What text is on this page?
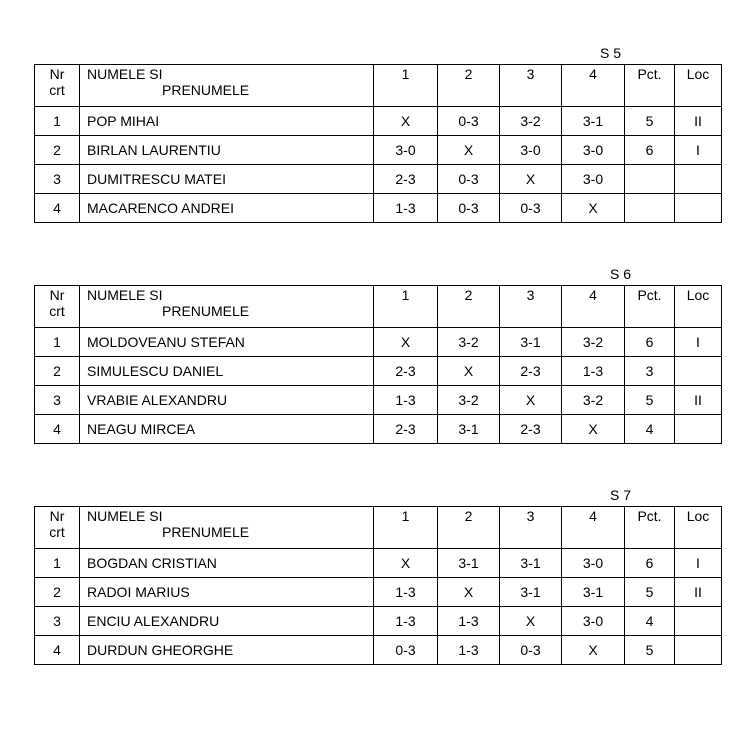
S 5
Nr
crt	NUMELE SI
PRENUMELE	1	2	3	4	Pct.	Loc
1	POP MIHAI	X	0-3	3-2	3-1	5	II
2	BIRLAN LAURENTIU	3-0	X	3-0	3-0	6	I
3	DUMITRESCU MATEI	2-3	0-3	X	3-0		
4	MACARENCO ANDREI	1-3	0-3	0-3	X		
S 6
Nr
crt	NUMELE SI
PRENUMELE	1	2	3	4	Pct.	Loc
1	MOLDOVEANU STEFAN	X	3-2	3-1	3-2	6	I
2	SIMULESCU DANIEL	2-3	X	2-3	1-3	3	
3	VRABIE ALEXANDRU	1-3	3-2	X	3-2	5	II
4	NEAGU MIRCEA	2-3	3-1	2-3	X	4	
S 7
Nr
crt	NUMELE SI
PRENUMELE	1	2	3	4	Pct.	Loc
1	BOGDAN CRISTIAN	X	3-1	3-1	3-0	6	I
2	RADOI MARIUS	1-3	X	3-1	3-1	5	II
3	ENCIU ALEXANDRU	1-3	1-3	X	3-0	4	
4	DURDUN GHEORGHE	0-3	1-3	0-3	X	5	
